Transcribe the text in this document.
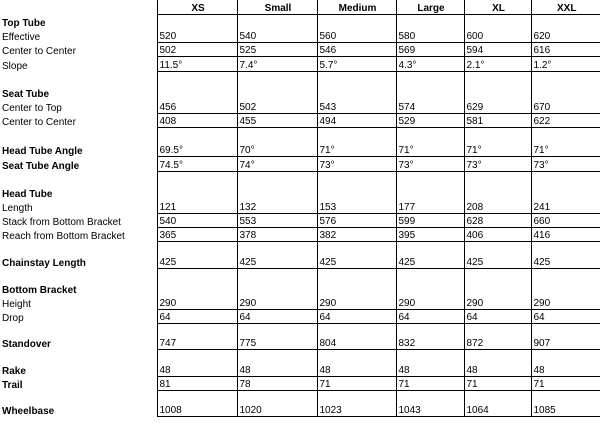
	XS	Small	Medium	Large	XL	XXL
Top Tube						
Effective	520	540	560	580	600	620
Center to Center	502	525	546	569	594	616
Slope	11.5°	7.4°	5.7°	4.3°	2.1°	1.2°

Seat Tube						
Center to Top	456	502	543	574	629	670
Center to Center	408	455	494	529	581	622

Head Tube Angle	69.5°	70°	71°	71°	71°	71°
Seat Tube Angle	74.5°	74°	73°	73°	73°	73°

Head Tube						
Length	121	132	153	177	208	241
Stack from Bottom Bracket	540	553	576	599	628	660
Reach from Bottom Bracket	365	378	382	395	406	416

Chainstay Length	425	425	425	425	425	425

Bottom Bracket						
Height	290	290	290	290	290	290
Drop	64	64	64	64	64	64

Standover	747	775	804	832	872	907

Rake	48	48	48	48	48	48
Trail	81	78	71	71	71	71

Wheelbase	1008	1020	1023	1043	1064	1085
